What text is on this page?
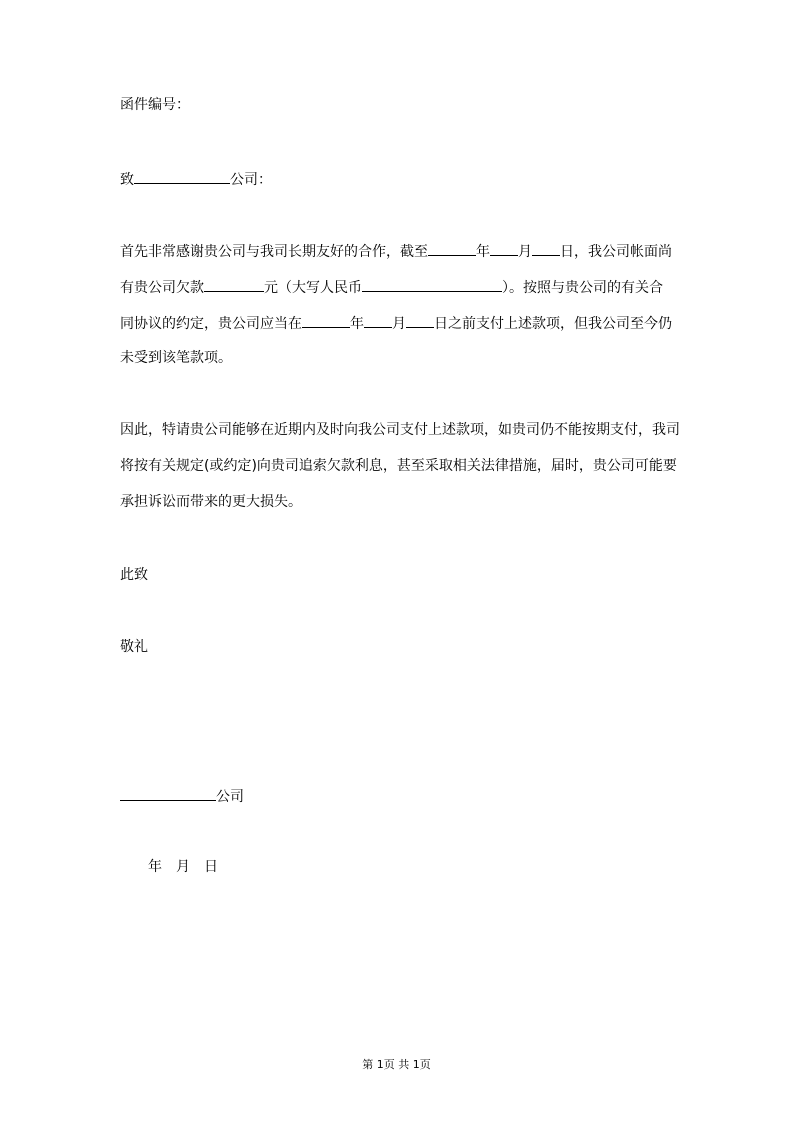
函件编号：
致	公司：
首先非常感谢贵公司与我司长期友好的合作，截至	年 月 日，我公司帐面尚
有贵公司欠款	元（大写人民币	）。按照与贵公司的有关合
同协议的约定，贵公司应当在	年 月 日之前支付上述款项，但我公司至今仍
未受到该笔款项。
因此，特请贵公司能够在近期内及时向我公司支付上述款项，如贵司仍不能按期支付，我司
将按有关规定(或约定)向贵司追索欠款利息，甚至采取相关法律措施，届时，贵公司可能要
承担诉讼而带来的更大损失。
此致
敬礼
公司
年　月　日
第 1页 共 1页
